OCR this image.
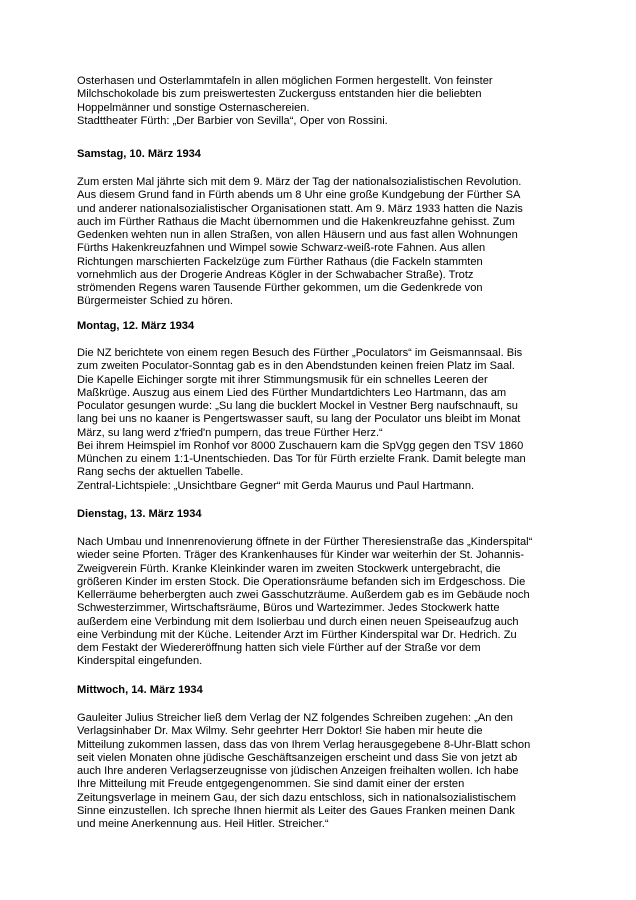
Osterhasen und Osterlammtafeln in allen möglichen Formen hergestellt. Von feinster
Milchschokolade bis zum preiswertesten Zuckerguss entstanden hier die beliebten
Hoppelmänner und sonstige Osternaschereien.
Stadttheater Fürth: „Der Barbier von Sevilla“, Oper von Rossini.
Samstag, 10. März 1934
Zum ersten Mal jährte sich mit dem 9. März der Tag der nationalsozialistischen Revolution.
Aus diesem Grund fand in Fürth abends um 8 Uhr eine große Kundgebung der Fürther SA
und anderer nationalsozialistischer Organisationen statt. Am 9. März 1933 hatten die Nazis
auch im Fürther Rathaus die Macht übernommen und die Hakenkreuzfahne gehisst. Zum
Gedenken wehten nun in allen Straßen, von allen Häusern und aus fast allen Wohnungen
Fürths Hakenkreuzfahnen und Wimpel sowie Schwarz-weiß-rote Fahnen. Aus allen
Richtungen marschierten Fackelzüge zum Fürther Rathaus (die Fackeln stammten
vornehmlich aus der Drogerie Andreas Kögler in der Schwabacher Straße). Trotz
strömenden Regens waren Tausende Fürther gekommen, um die Gedenkrede von
Bürgermeister Schied zu hören.
Montag, 12. März 1934
Die NZ berichtete von einem regen Besuch des Fürther „Poculators“ im Geismannsaal. Bis
zum zweiten Poculator-Sonntag gab es in den Abendstunden keinen freien Platz im Saal.
Die Kapelle Eichinger sorgte mit ihrer Stimmungsmusik für ein schnelles Leeren der
Maßkrüge. Auszug aus einem Lied des Fürther Mundartdichters Leo Hartmann, das am
Poculator gesungen wurde: „Su lang die bucklert Mockel in Vestner Berg naufschnauft, su
lang bei uns no kaaner is Pengertswasser sauft, su lang der Poculator uns bleibt im Monat
März, su lang werd z'fried'n pumpern, das treue Fürther Herz.“
Bei ihrem Heimspiel im Ronhof vor 8000 Zuschauern kam die SpVgg gegen den TSV 1860
München zu einem 1:1-Unentschieden. Das Tor für Fürth erzielte Frank. Damit belegte man
Rang sechs der aktuellen Tabelle.
Zentral-Lichtspiele: „Unsichtbare Gegner“ mit Gerda Maurus und Paul Hartmann.
Dienstag, 13. März 1934
Nach Umbau und Innenrenovierung öffnete in der Fürther Theresienstraße das „Kinderspital“
wieder seine Pforten. Träger des Krankenhauses für Kinder war weiterhin der St. Johannis-
Zweigverein Fürth. Kranke Kleinkinder waren im zweiten Stockwerk untergebracht, die
größeren Kinder im ersten Stock. Die Operationsräume befanden sich im Erdgeschoss. Die
Kellerräume beherbergten auch zwei Gasschutzräume. Außerdem gab es im Gebäude noch
Schwesterzimmer, Wirtschaftsräume, Büros und Wartezimmer. Jedes Stockwerk hatte
außerdem eine Verbindung mit dem Isolierbau und durch einen neuen Speiseaufzug auch
eine Verbindung mit der Küche. Leitender Arzt im Fürther Kinderspital war Dr. Hedrich. Zu
dem Festakt der Wiedereröffnung hatten sich viele Fürther auf der Straße vor dem
Kinderspital eingefunden.
Mittwoch, 14. März 1934
Gauleiter Julius Streicher ließ dem Verlag der NZ folgendes Schreiben zugehen: „An den
Verlagsinhaber Dr. Max Wilmy. Sehr geehrter Herr Doktor! Sie haben mir heute die
Mitteilung zukommen lassen, dass das von Ihrem Verlag herausgegebene 8-Uhr-Blatt schon
seit vielen Monaten ohne jüdische Geschäftsanzeigen erscheint und dass Sie von jetzt ab
auch Ihre anderen Verlagserzeugnisse von jüdischen Anzeigen freihalten wollen. Ich habe
Ihre Mitteilung mit Freude entgegengenommen. Sie sind damit einer der ersten
Zeitungsverlage in meinem Gau, der sich dazu entschloss, sich in nationalsozialistischem
Sinne einzustellen. Ich spreche Ihnen hiermit als Leiter des Gaues Franken meinen Dank
und meine Anerkennung aus. Heil Hitler. Streicher.“
